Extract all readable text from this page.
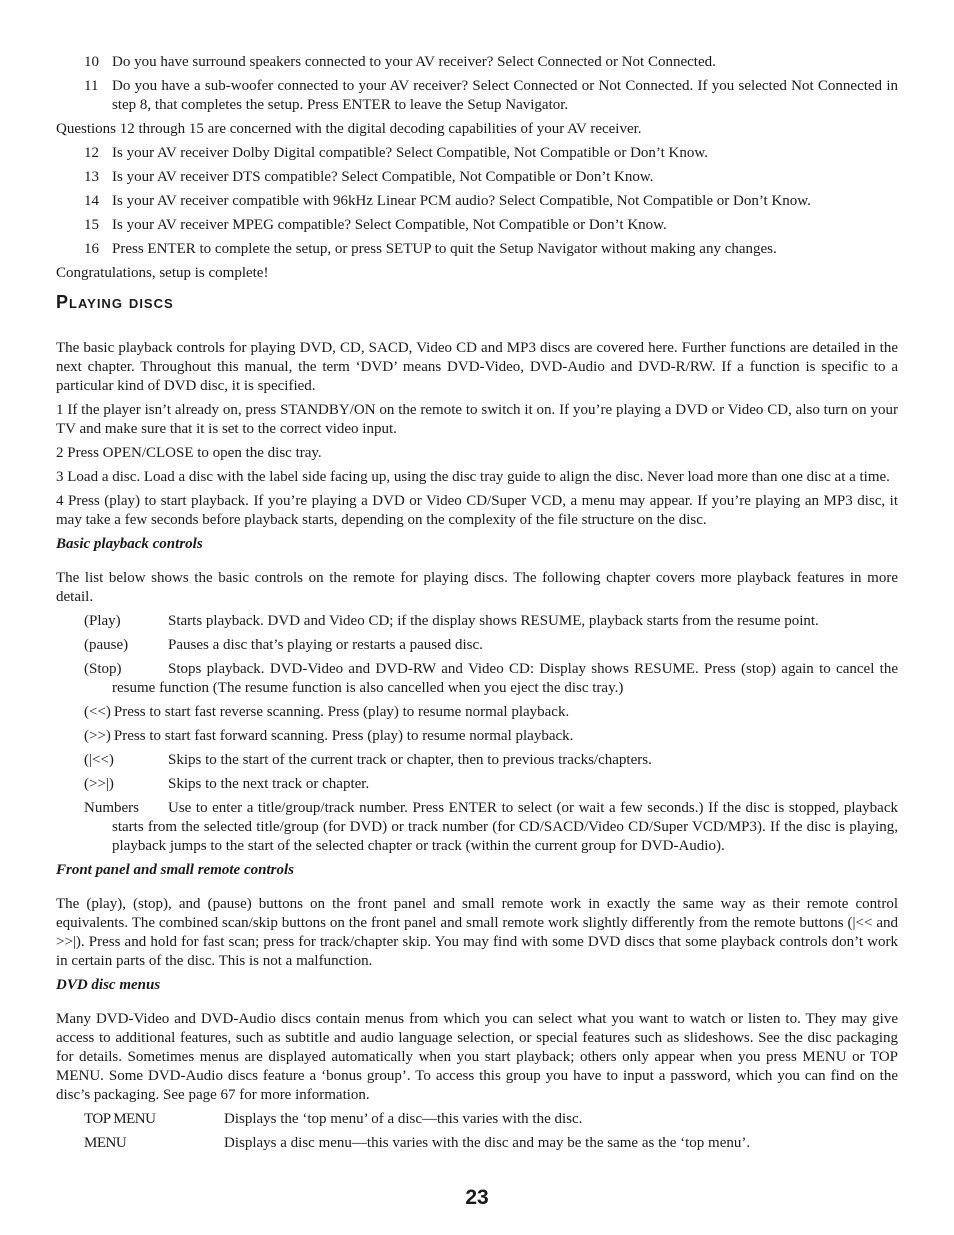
10 Do you have surround speakers connected to your AV receiver? Select Connected or Not Connected.
11 Do you have a sub-woofer connected to your AV receiver? Select Connected or Not Connected. If you selected Not Connected in step 8, that completes the setup. Press ENTER to leave the Setup Navigator.

Questions 12 through 15 are concerned with the digital decoding capabilities of your AV receiver.

12 Is your AV receiver Dolby Digital compatible? Select Compatible, Not Compatible or Don’t Know.
13 Is your AV receiver DTS compatible? Select Compatible, Not Compatible or Don’t Know.
14 Is your AV receiver compatible with 96kHz Linear PCM audio? Select Compatible, Not Compatible or Don’t Know.
15 Is your AV receiver MPEG compatible? Select Compatible, Not Compatible or Don’t Know.
16 Press ENTER to complete the setup, or press SETUP to quit the Setup Navigator without making any changes.

Congratulations, setup is complete!

Playing discs

The basic playback controls for playing DVD, CD, SACD, Video CD and MP3 discs are covered here. Further functions are detailed in the next chapter. Throughout this manual, the term ‘DVD’ means DVD-Video, DVD-Audio and DVD-R/RW. If a function is specific to a particular kind of DVD disc, it is specified.

1 If the player isn’t already on, press STANDBY/ON on the remote to switch it on. If you’re playing a DVD or Video CD, also turn on your TV and make sure that it is set to the correct video input.

2 Press OPEN/CLOSE to open the disc tray.

3 Load a disc. Load a disc with the label side facing up, using the disc tray guide to align the disc. Never load more than one disc at a time.

4 Press (play) to start playback. If you’re playing a DVD or Video CD/Super VCD, a menu may appear. If you’re playing an MP3 disc, it may take a few seconds before playback starts, depending on the complexity of the file structure on the disc.

Basic playback controls

The list below shows the basic controls on the remote for playing discs. The following chapter covers more playback features in more detail.

(Play)	Starts playback. DVD and Video CD; if the display shows RESUME, playback starts from the resume point.
(pause)	Pauses a disc that’s playing or restarts a paused disc.
(Stop)	Stops playback. DVD-Video and DVD-RW and Video CD: Display shows RESUME. Press (stop) again to cancel the resume function (The resume function is also cancelled when you eject the disc tray.)
(<<) Press to start fast reverse scanning. Press (play) to resume normal playback.
(>>) Press to start fast forward scanning. Press (play) to resume normal playback.
(|<<)	Skips to the start of the current track or chapter, then to previous tracks/chapters.
(>>|)	Skips to the next track or chapter.
Numbers Use to enter a title/group/track number. Press ENTER to select (or wait a few seconds.) If the disc is stopped, playback starts from the selected title/group (for DVD) or track number (for CD/SACD/Video CD/Super VCD/MP3). If the disc is playing, playback jumps to the start of the selected chapter or track (within the current group for DVD-Audio).

Front panel and small remote controls

The (play), (stop), and (pause) buttons on the front panel and small remote work in exactly the same way as their remote control equivalents. The combined scan/skip buttons on the front panel and small remote work slightly differently from the remote buttons (|<< and >>|). Press and hold for fast scan; press for track/chapter skip. You may find with some DVD discs that some playback controls don’t work in certain parts of the disc. This is not a malfunction.

DVD disc menus

Many DVD-Video and DVD-Audio discs contain menus from which you can select what you want to watch or listen to. They may give access to additional features, such as subtitle and audio language selection, or special features such as slideshows. See the disc packaging for details. Sometimes menus are displayed automatically when you start playback; others only appear when you press MENU or TOP MENU. Some DVD-Audio discs feature a ‘bonus group’. To access this group you have to input a password, which you can find on the disc’s packaging. See page 67 for more information.

TOP MENU	Displays the ‘top menu’ of a disc—this varies with the disc.
MENU	Displays a disc menu—this varies with the disc and may be the same as the ‘top menu’.
23
